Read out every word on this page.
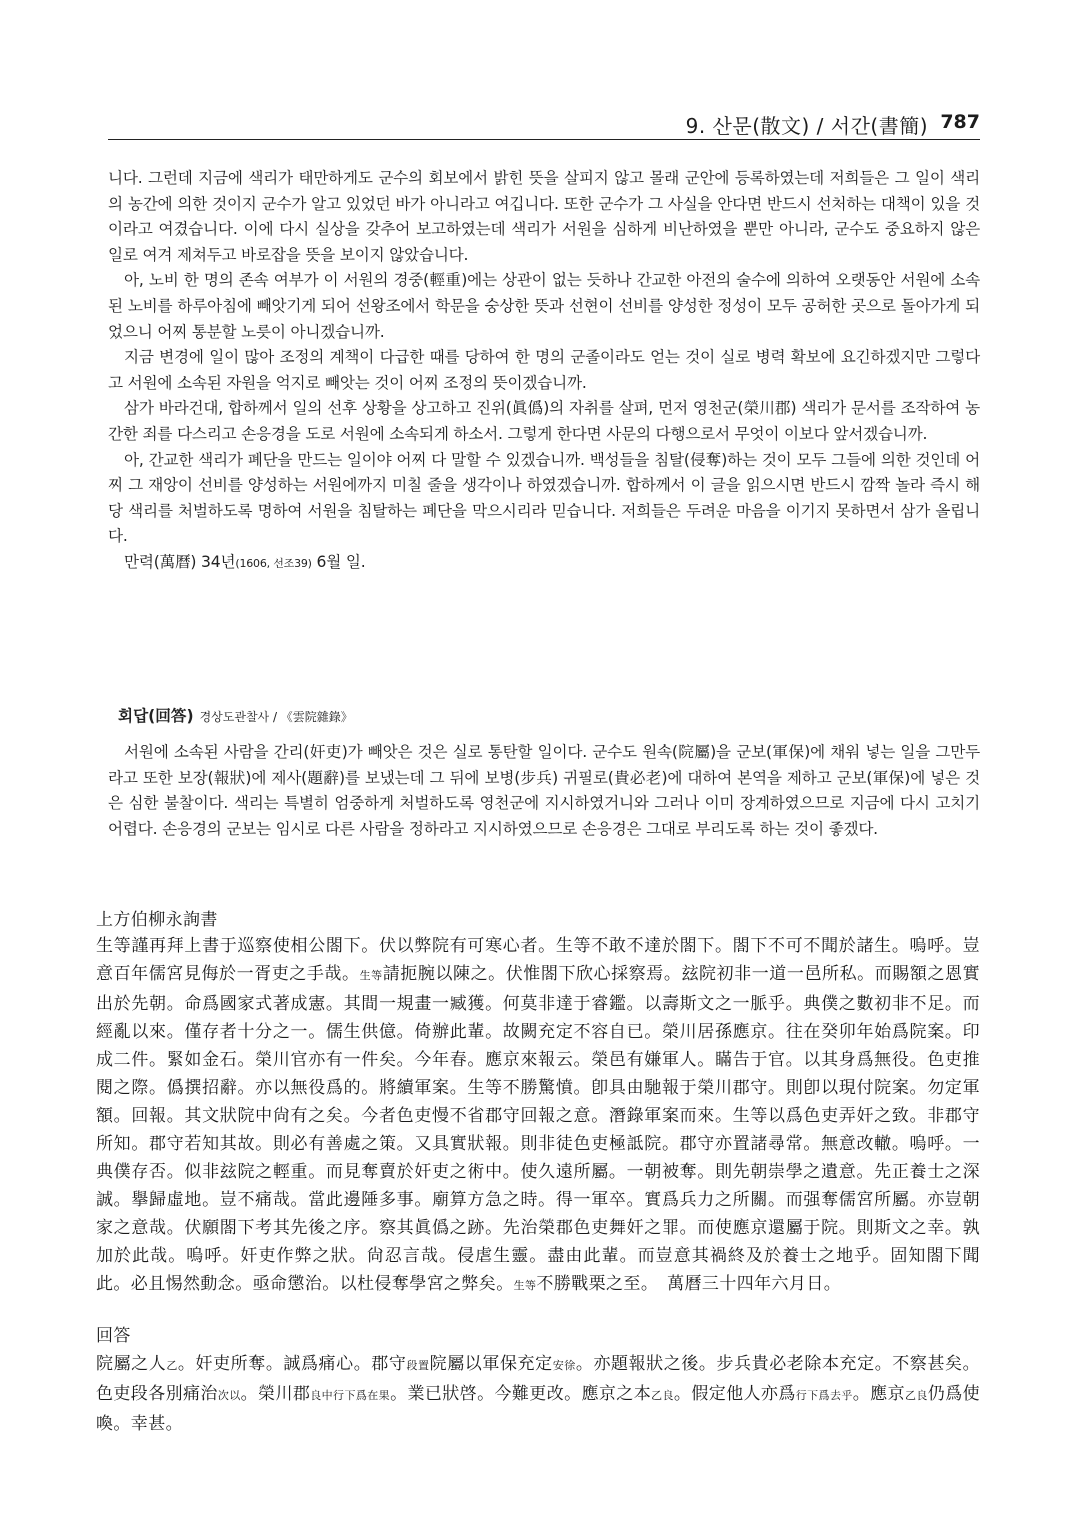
9. 산문(散文) / 서간(書簡) 787

니다. 그런데 지금에 색리가 태만하게도 군수의 회보에서 밝힌 뜻을 살피지 않고 몰래 군안에 등록하였는데 저희들은 그 일이 색리의 농간에 의한 것이지 군수가 알고 있었던 바가 아니라고 여깁니다. 또한 군수가 그 사실을 안다면 반드시 선처하는 대책이 있을 것이라고 여겼습니다. 이에 다시 실상을 갖추어 보고하였는데 색리가 서원을 심하게 비난하였을 뿐만 아니라, 군수도 중요하지 않은 일로 여겨 제쳐두고 바로잡을 뜻을 보이지 않았습니다.

아, 노비 한 명의 존속 여부가 이 서원의 경중(輕重)에는 상관이 없는 듯하나 간교한 아전의 술수에 의하여 오랫동안 서원에 소속된 노비를 하루아침에 빼앗기게 되어 선왕조에서 학문을 숭상한 뜻과 선현이 선비를 양성한 정성이 모두 공허한 곳으로 돌아가게 되었으니 어찌 통분할 노릇이 아니겠습니까.

지금 변경에 일이 많아 조정의 계책이 다급한 때를 당하여 한 명의 군졸이라도 얻는 것이 실로 병력 확보에 요긴하겠지만 그렇다고 서원에 소속된 자원을 억지로 빼앗는 것이 어찌 조정의 뜻이겠습니까.

삼가 바라건대, 합하께서 일의 선후 상황을 상고하고 진위(眞僞)의 자취를 살펴, 먼저 영천군(榮川郡) 색리가 문서를 조작하여 농간한 죄를 다스리고 손응경을 도로 서원에 소속되게 하소서. 그렇게 한다면 사문의 다행으로서 무엇이 이보다 앞서겠습니까.

아, 간교한 색리가 폐단을 만드는 일이야 어찌 다 말할 수 있겠습니까. 백성들을 침탈(侵奪)하는 것이 모두 그들에 의한 것인데 어찌 그 재앙이 선비를 양성하는 서원에까지 미칠 줄을 생각이나 하였겠습니까. 합하께서 이 글을 읽으시면 반드시 깜짝 놀라 즉시 해당 색리를 처벌하도록 명하여 서원을 침탈하는 폐단을 막으시리라 믿습니다. 저희들은 두려운 마음을 이기지 못하면서 삼가 올립니다.

만력(萬曆) 34년(1606, 선조39) 6월 일.

회답(回答) 경상도관찰사 / 《雲院雜錄》

서원에 소속된 사람을 간리(奸吏)가 빼앗은 것은 실로 통탄할 일이다. 군수도 원속(院屬)을 군보(軍保)에 채워 넣는 일을 그만두라고 또한 보장(報狀)에 제사(題辭)를 보냈는데 그 뒤에 보병(步兵) 귀필로(貴必老)에 대하여 본역을 제하고 군보(軍保)에 넣은 것은 심한 불찰이다. 색리는 특별히 엄중하게 처벌하도록 영천군에 지시하였거니와 그러나 이미 장계하였으므로 지금에 다시 고치기 어렵다. 손응경의 군보는 임시로 다른 사람을 정하라고 지시하였으므로 손응경은 그대로 부리도록 하는 것이 좋겠다.

上方伯柳永詢書

生等謹再拜上書于巡察使相公閤下。伏以弊院有可寒心者。生等不敢不達於閤下。閤下不可不聞於諸生。嗚呼。豈意百年儒宮見侮於一胥吏之手哉。生等請扼腕以陳之。伏惟閤下欣心採察焉。玆院初非一道一邑所私。而賜額之恩實出於先朝。命爲國家式著成憲。其間一規畫一臧獲。何莫非達于睿鑑。以壽斯文之一脈乎。典僕之數初非不足。而經亂以來。僅存者十分之一。儒生供億。倚辦此輩。故闕充定不容自已。榮川居孫應京。往在癸卯年始爲院案。印成二件。緊如金石。榮川官亦有一件矣。今年春。應京來報云。榮邑有嫌軍人。瞞告于官。以其身爲無役。色吏推閱之際。僞撰招辭。亦以無役爲的。將續軍案。生等不勝驚憤。卽具由馳報于榮川郡守。則卽以現付院案。勿定軍額。回報。其文狀院中尙有之矣。今者色吏慢不省郡守回報之意。潛錄軍案而來。生等以爲色吏弄奸之致。非郡守所知。郡守若知其故。則必有善處之策。又具實狀報。則非徒色吏極詆院。郡守亦置諸尋常。無意改轍。嗚呼。一典僕存否。似非玆院之輕重。而見奪賣於奸吏之術中。使久遠所屬。一朝被奪。則先朝崇學之遺意。先正養士之深誠。擧歸虛地。豈不痛哉。當此邊陲多事。廟算方急之時。得一軍卒。實爲兵力之所關。而强奪儒宮所屬。亦豈朝家之意哉。伏願閤下考其先後之序。察其眞僞之跡。先治榮郡色吏舞奸之罪。而使應京還屬于院。則斯文之幸。孰加於此哉。嗚呼。奸吏作弊之狀。尙忍言哉。侵虐生靈。盡由此輩。而豈意其禍終及於養士之地乎。固知閤下聞此。必且惕然動念。亟命懲治。以杜侵奪學宮之弊矣。生等不勝戰栗之至。　萬曆三十四年六月日。

回答

院屬之人乙。奸吏所奪。誠爲痛心。郡守段置院屬以軍保充定安徐。亦題報狀之後。步兵貴必老除本充定。不察甚矣。色吏段各別痛治次以。榮川郡良中行下爲在果。業已狀啓。今難更改。應京之本乙良。假定他人亦爲行下爲去乎。應京乙良仍爲使喚。幸甚。
